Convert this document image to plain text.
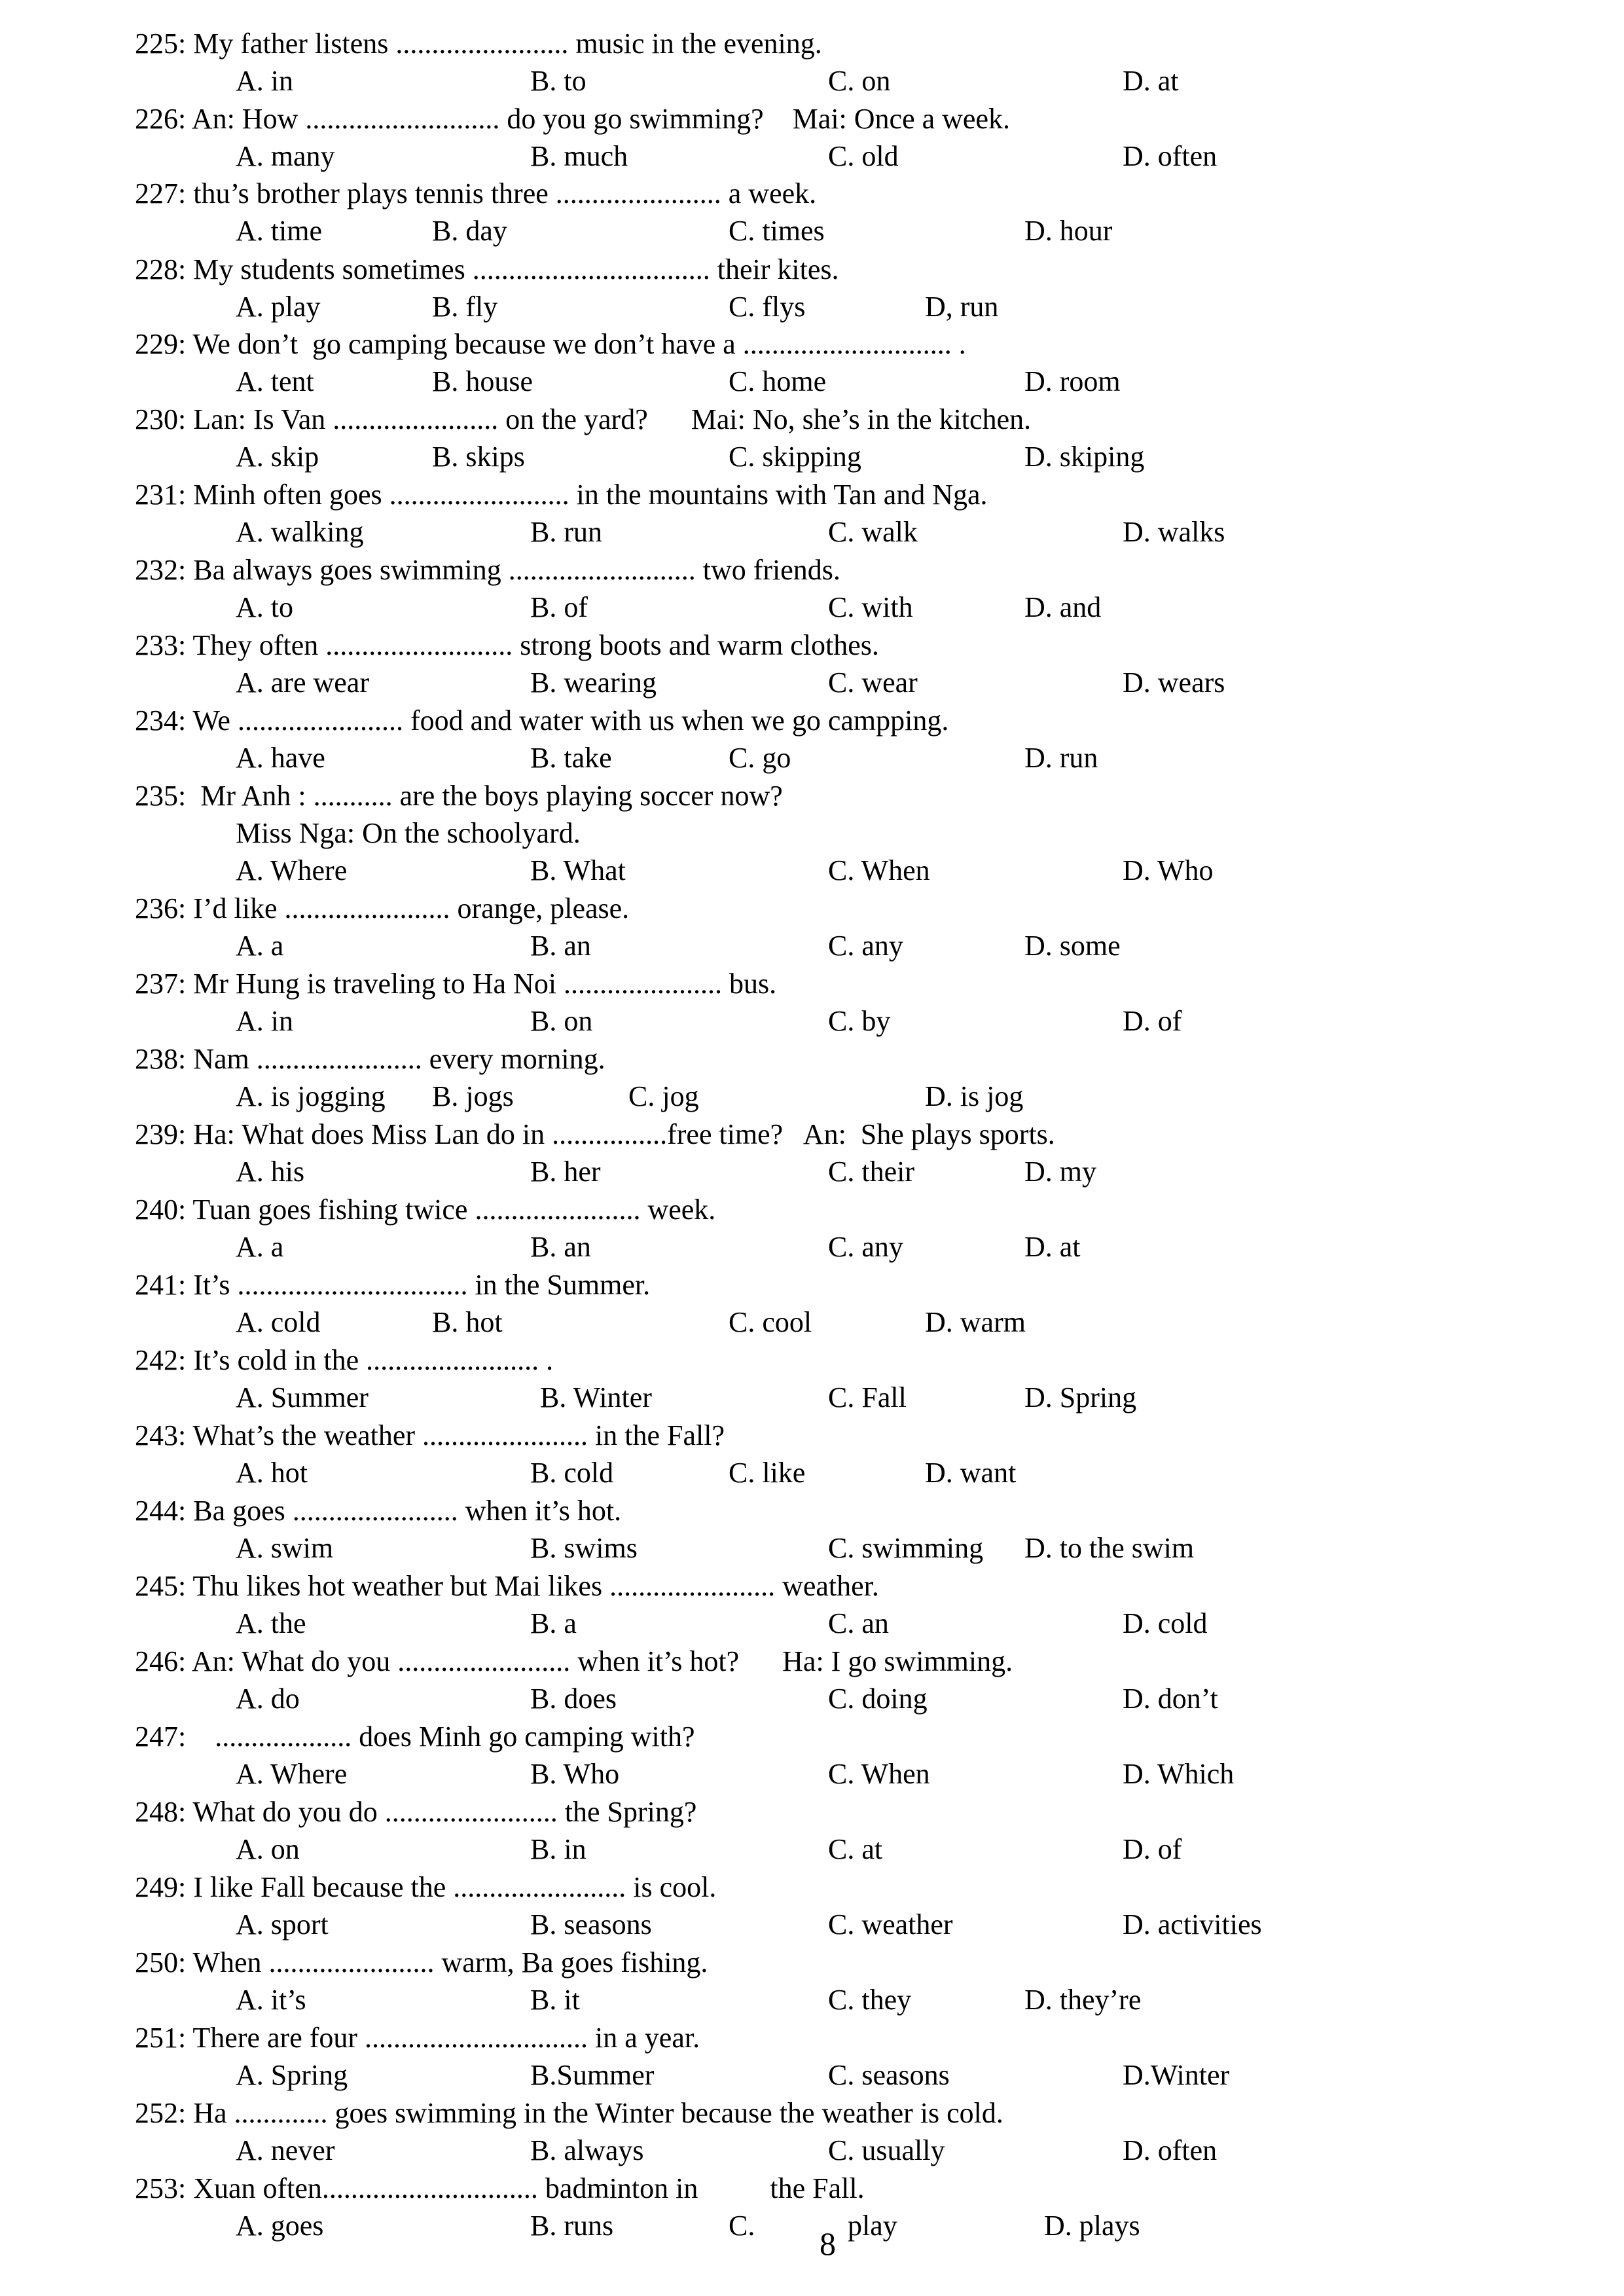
225: My father listens ........................ music in the evening.
A. in	B. to	C. on	D. at
226: An: How ........................... do you go swimming?    Mai: Once a week.
A. many	B. much	C. old	D. often
227: thu’s brother plays tennis three ....................... a week.
A. time	B. day	C. times	D. hour
228: My students sometimes ................................. their kites.
A. play	B. fly	C. flys	D, run
229: We don’t  go camping because we don’t have a ............................. .
A. tent	B. house	C. home	D. room
230: Lan: Is Van ....................... on the yard?      Mai: No, she’s in the kitchen.
A. skip	B. skips	C. skipping	D. skiping
231: Minh often goes ......................... in the mountains with Tan and Nga.
A. walking	B. run	C. walk	D. walks
232: Ba always goes swimming .......................... two friends.
A. to	B. of	C. with	D. and
233: They often .......................... strong boots and warm clothes.
A. are wear	B. wearing	C. wear	D. wears
234: We ....................... food and water with us when we go campping.
A. have	B. take	C. go	D. run
235:  Mr Anh : ........... are the boys playing soccer now?
Miss Nga: On the schoolyard.
A. Where	B. What	C. When	D. Who
236: I’d like ....................... orange, please.
A. a	B. an	C. any	D. some
237: Mr Hung is traveling to Ha Noi ...................... bus.
A. in	B. on	C. by	D. of
238: Nam ....................... every morning.
A. is jogging B. jogs	C. jog	D. is jog
239: Ha: What does Miss Lan do in ................free time?   An:  She plays sports.
A. his	B. her	C. their	D. my
240: Tuan goes fishing twice ....................... week.
A. a	B. an	C. any	D. at
241: It’s ................................ in the Summer.
A. cold	B. hot	C. cool	D. warm
242: It’s cold in the ........................ .
A. Summer	B. Winter	C. Fall	D. Spring
243: What’s the weather ....................... in the Fall?
A. hot	B. cold	C. like	D. want
244: Ba goes ....................... when it’s hot.
A. swim	B. swims	C. swimming D. to the swim
245: Thu likes hot weather but Mai likes ....................... weather.
A. the	B. a	C. an	D. cold
246: An: What do you ........................ when it’s hot?      Ha: I go swimming.
A. do	B. does	C. doing	D. don’t
247:    ................... does Minh go camping with?
A. Where	B. Who	C. When	D. Which
248: What do you do ........................ the Spring?
A. on	B. in	C. at	D. of
249: I like Fall because the ........................ is cool.
A. sport	B. seasons	C. weather	D. activities
250: When ....................... warm, Ba goes fishing.
A. it’s	B. it	C. they	D. they’re
251: There are four ............................... in a year.
A. Spring	B.Summer	C. seasons	D.Winter
252: Ha ............. goes swimming in the Winter because the weather is cold.
A. never	B. always	C. usually	D. often
253: Xuan often.............................. badminton in          the Fall.
A. goes	B. runs	C.	play	D. plays
8
